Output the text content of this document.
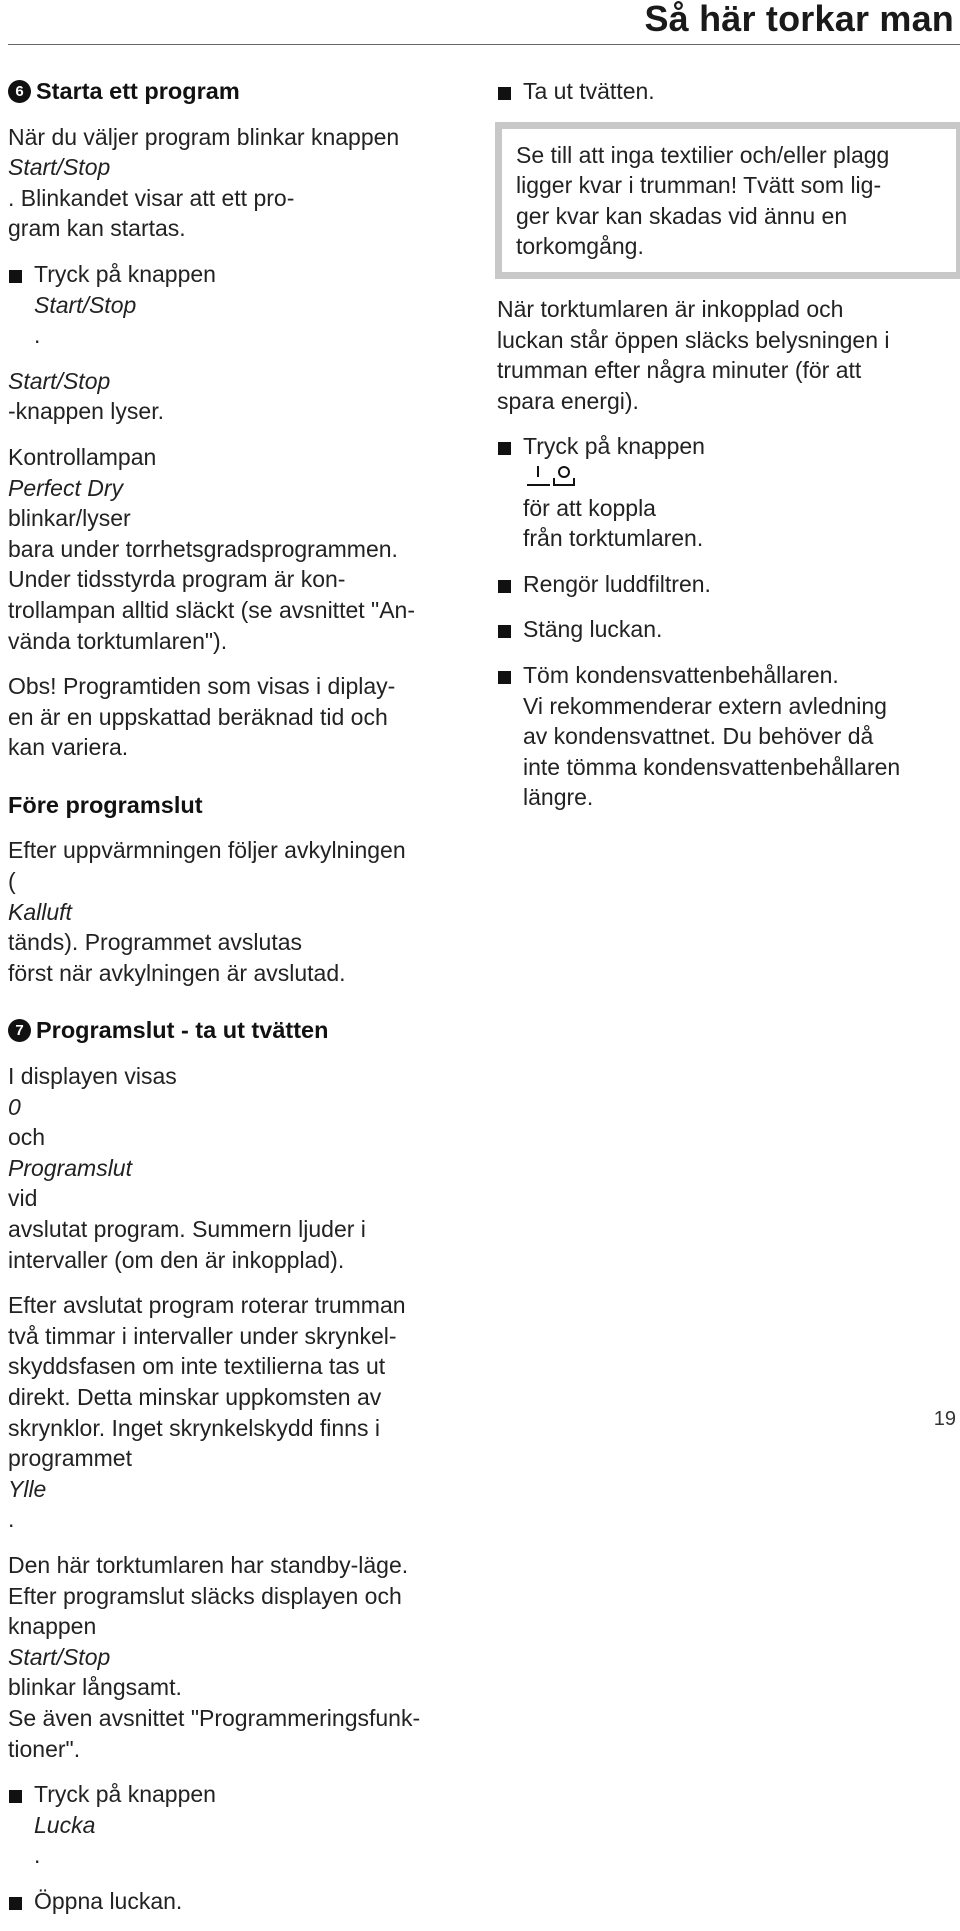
Så här torkar man
6 Starta ett program

När du väljer program blinkar knappen
Start/Stop
. Blinkandet visar att ett pro-
gram kan startas.

Tryck på knappen
Start/Stop
.

Start/Stop
-knappen lyser.

Kontrollampan
Perfect Dry
blinkar/lyser
bara under torrhetsgradsprogrammen.
Under tidsstyrda program är kon-
trollampan alltid släckt (se avsnittet "An-
vända torktumlaren").

Obs! Programtiden som visas i diplay-
en är en uppskattad beräknad tid och
kan variera.

Före programslut

Efter uppvärmningen följer avkylningen
(
Kalluft
tänds). Programmet avslutas
först när avkylningen är avslutad.

7 Programslut - ta ut tvätten

I displayen visas
0
och
Programslut
vid
avslutat program. Summern ljuder i
intervaller (om den är inkopplad).

Efter avslutat program roterar trumman
två timmar i intervaller under skrynkel-
skyddsfasen om inte textilierna tas ut
direkt. Detta minskar uppkomsten av
skrynklor. Inget skrynkelskydd finns i
programmet
Ylle
.

Den här torktumlaren har standby-läge.
Efter programslut släcks displayen och
knappen
Start/Stop
blinkar långsamt.
Se även avsnittet "Programmeringsfunk-
tioner".

Tryck på knappen
Lucka
.
Öppna luckan.
Ta ut tvätten.
Se till att inga textilier och/eller plagg
ligger kvar i trumman! Tvätt som lig-
ger kvar kan skadas vid ännu en
torkomgång.

När torktumlaren är inkopplad och
luckan står öppen släcks belysningen i
trumman efter några minuter (för att
spara energi).

Tryck på knappen
för att koppla
från torktumlaren.
Rengör luddfiltren.
Stäng luckan.
Töm kondensvattenbehållaren.
Vi rekommenderar extern avledning
av kondensvattnet. Du behöver då
inte tömma kondensvattenbehållaren
längre.
19
